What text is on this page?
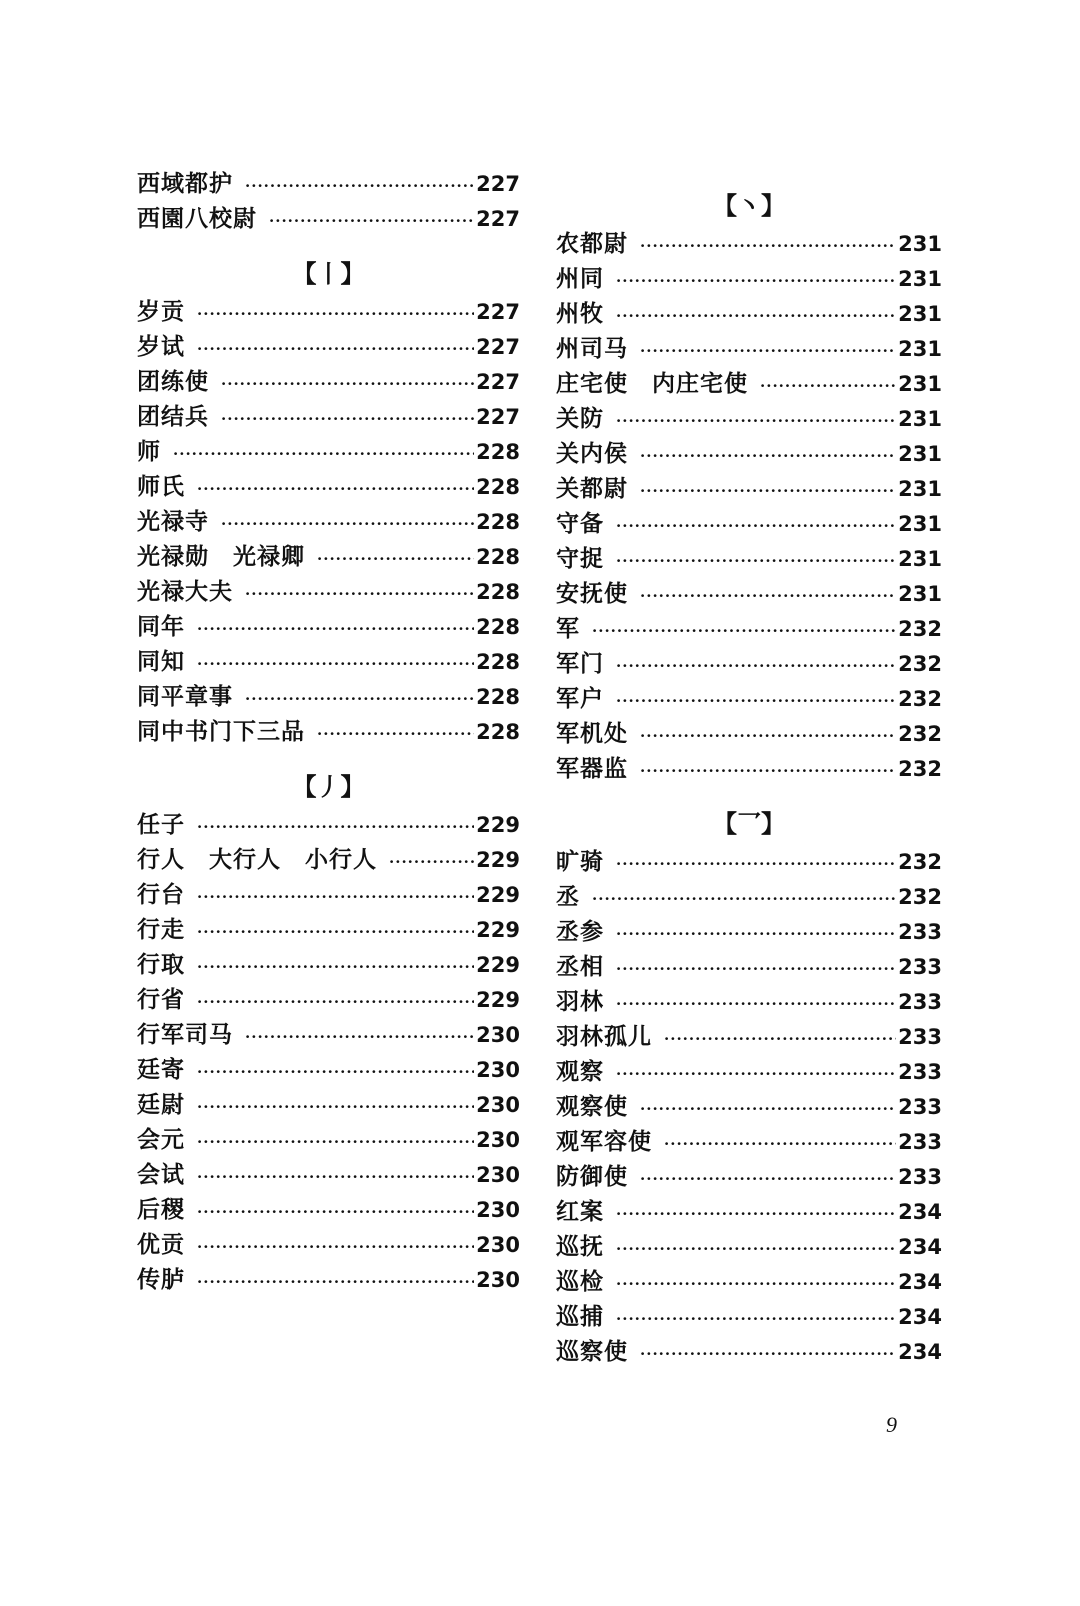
西域都护 ·····	227
西園八校尉 ·····	227
【丨】
岁贡 ·····	227
岁试 ·····	227
团练使 ·····	227
团结兵 ·····	227
师 ·····	228
师氏 ·····	228
光禄寺 ·····	228
光禄勋　光禄卿 ·····	228
光禄大夫 ·····	228
同年 ·····	228
同知 ·····	228
同平章事 ·····	228
同中书门下三品 ·····	228
【丿】
任子 ·····	229
行人　大行人　小行人 ·····	229
行台 ·····	229
行走 ·····	229
行取 ·····	229
行省 ·····	229
行军司马 ·····	230
廷寄 ·····	230
廷尉 ·····	230
会元 ·····	230
会试 ·····	230
后稷 ·····	230
优贡 ·····	230
传胪 ·····	230
【丶】
农都尉 ·····	231
州同 ·····	231
州牧 ·····	231
州司马 ·····	231
庄宅使　内庄宅使 ·····	231
关防 ·····	231
关内侯 ·····	231
关都尉 ·····	231
守备 ·····	231
守捉 ·····	231
安抚使 ·····	231
军 ·····	232
军门 ·····	232
军户 ·····	232
军机处 ·····	232
军器监 ·····	232
【乛】
旷骑 ·····	232
丞 ·····	232
丞参 ·····	233
丞相 ·····	233
羽林 ·····	233
羽林孤儿 ·····	233
观察 ·····	233
观察使 ·····	233
观军容使 ·····	233
防御使 ·····	233
红案 ·····	234
巡抚 ·····	234
巡检 ·····	234
巡捕 ·····	234
巡察使 ·····	234
9
